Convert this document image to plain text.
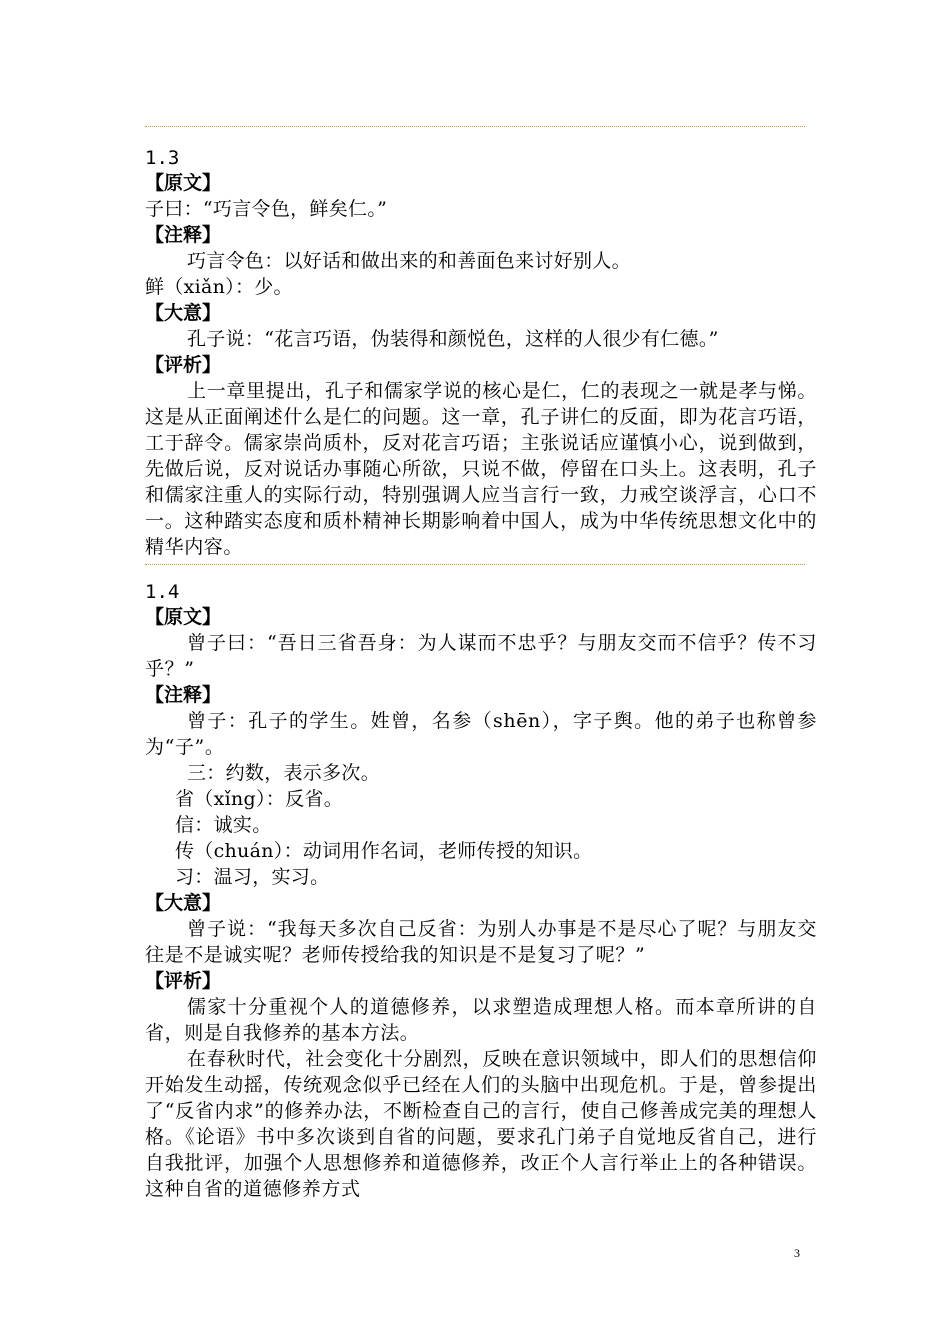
1.3
【原文】
子曰：“巧言令色，鲜矣仁。”
【注释】
巧言令色：以好话和做出来的和善面色来讨好别人。
鲜（xiǎn）：少。
【大意】
孔子说：“花言巧语，伪装得和颜悦色，这样的人很少有仁德。”
【评析】
上一章里提出，孔子和儒家学说的核心是仁，仁的表现之一就是孝与悌。这是从正面阐述什么是仁的问题。这一章，孔子讲仁的反面，即为花言巧语，工于辞令。儒家崇尚质朴，反对花言巧语；主张说话应谨慎小心，说到做到，先做后说，反对说话办事随心所欲，只说不做，停留在口头上。这表明，孔子和儒家注重人的实际行动，特别强调人应当言行一致，力戒空谈浮言，心口不一。这种踏实态度和质朴精神长期影响着中国人，成为中华传统思想文化中的精华内容。
1.4
【原文】
曾子曰：“吾日三省吾身：为人谋而不忠乎？与朋友交而不信乎？传不习乎？”
【注释】
曾子：孔子的学生。姓曾，名参（shēn），字子舆。他的弟子也称曾参为“子”。
三：约数，表示多次。
省（xǐng）：反省。
信：诚实。
传（chuán）：动词用作名词，老师传授的知识。
习：温习，实习。
【大意】
曾子说：“我每天多次自己反省：为别人办事是不是尽心了呢？与朋友交往是不是诚实呢？老师传授给我的知识是不是复习了呢？”
【评析】
儒家十分重视个人的道德修养，以求塑造成理想人格。而本章所讲的自省，则是自我修养的基本方法。
在春秋时代，社会变化十分剧烈，反映在意识领域中，即人们的思想信仰开始发生动摇，传统观念似乎已经在人们的头脑中出现危机。于是，曾参提出了“反省内求”的修养办法，不断检查自己的言行，使自己修善成完美的理想人格。《论语》书中多次谈到自省的问题，要求孔门弟子自觉地反省自己，进行自我批评，加强个人思想修养和道德修养，改正个人言行举止上的各种错误。这种自省的道德修养方式
3
